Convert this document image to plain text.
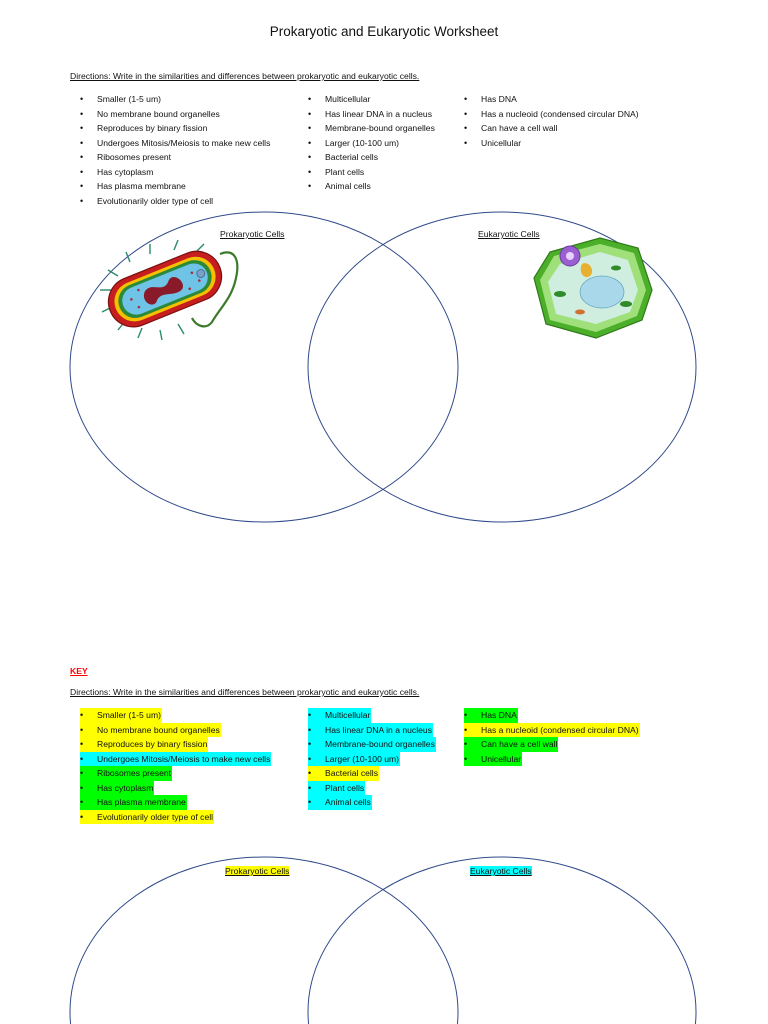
Prokaryotic and Eukaryotic Worksheet
Directions: Write in the similarities and differences between prokaryotic and eukaryotic cells.
• Smaller (1-5 um)
• No membrane bound organelles
• Reproduces by binary fission
• Undergoes Mitosis/Meiosis to make new cells
• Ribosomes present
• Has cytoplasm
• Has plasma membrane
• Evolutionarily older type of cell
• Multicellular
• Has linear DNA in a nucleus
• Membrane-bound organelles
• Larger (10-100 um)
• Bacterial cells
• Plant cells
• Animal cells
• Has DNA
• Has a nucleoid (condensed circular DNA)
• Can have a cell wall
• Unicellular
Prokaryotic Cells	Eukaryotic Cells
KEY
Directions: Write in the similarities and differences between prokaryotic and eukaryotic cells.
• Smaller (1-5 um)
• No membrane bound organelles
• Reproduces by binary fission
• Undergoes Mitosis/Meiosis to make new cells
• Ribosomes present
• Has cytoplasm
• Has plasma membrane
• Evolutionarily older type of cell
• Multicellular
• Has linear DNA in a nucleus
• Membrane-bound organelles
• Larger (10-100 um)
• Bacterial cells
• Plant cells
• Animal cells
• Has DNA
• Has a nucleoid (condensed circular DNA)
• Can have a cell wall
• Unicellular
Prokaryotic Cells	Eukaryotic Cells
